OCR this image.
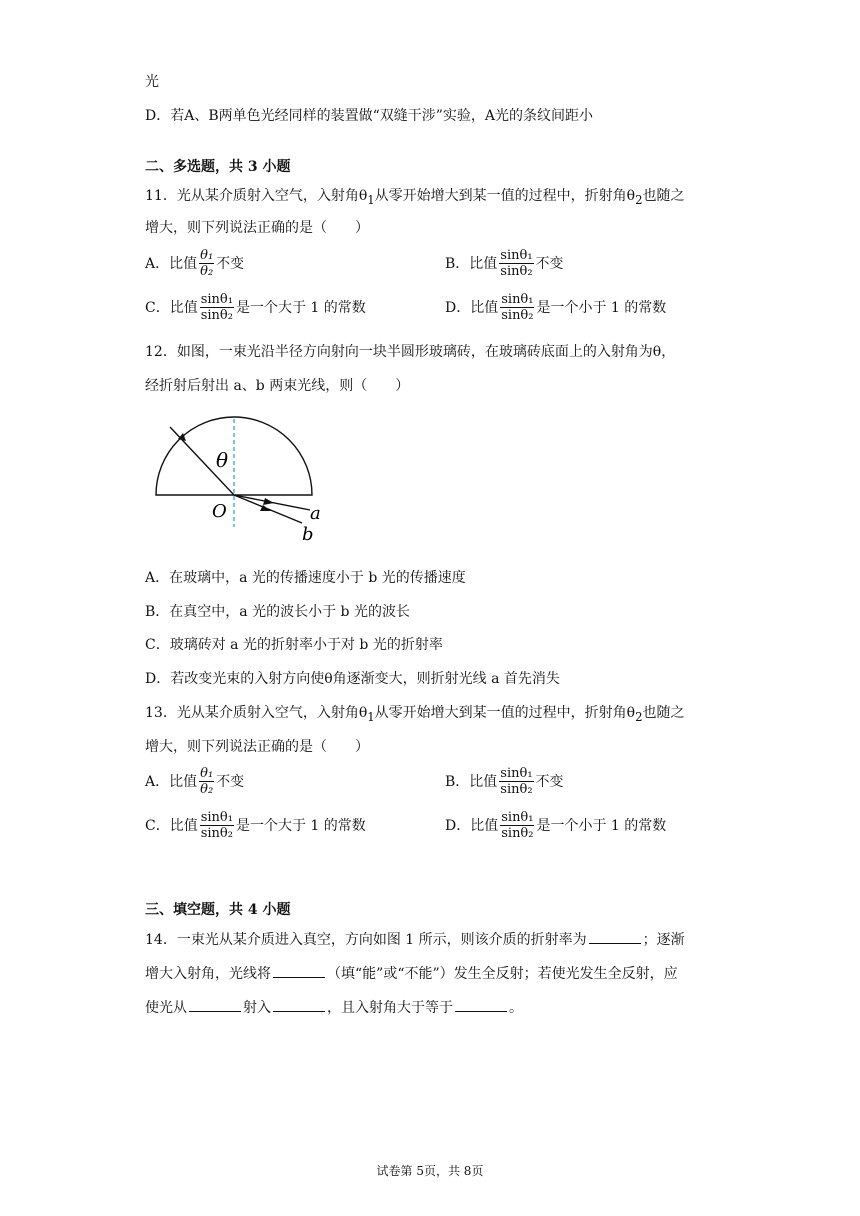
光
D．若A、B两单色光经同样的装置做“双缝干涉”实验，A光的条纹间距小
二、多选题，共 3 小题
11．光从某介质射入空气，入射角$\theta_1$从零开始增大到某一值的过程中，折射角$\theta_2$也随之
增大，则下列说法正确的是（　　）
A．比值 $\frac{\text{θ₁}}{\text{θ₂}}$ 不变	B．比值 $\frac{\text{sinθ₁}}{\text{sinθ₂}}$ 不变
C．比值 $\frac{\text{sinθ₁}}{\text{sinθ₂}}$ 是一个大于 1 的常数	D．比值 $\frac{\text{sinθ₁}}{\text{sinθ₂}}$ 是一个小于 1 的常数
12．如图，一束光沿半径方向射向一块半圆形玻璃砖，在玻璃砖底面上的入射角为θ，
经折射后射出 a、b 两束光线，则（　　）
θ
O	a
b
A．在玻璃中，a 光的传播速度小于 b 光的传播速度
B．在真空中，a 光的波长小于 b 光的波长
C．玻璃砖对 a 光的折射率小于对 b 光的折射率
D．若改变光束的入射方向使θ角逐渐变大，则折射光线 a 首先消失
13．光从某介质射入空气，入射角$\theta_1$从零开始增大到某一值的过程中，折射角$\theta_2$也随之
增大，则下列说法正确的是（　　）
A．比值 $\frac{\text{θ₁}}{\text{θ₂}}$ 不变	B．比值 $\frac{\text{sinθ₁}}{\text{sinθ₂}}$ 不变
C．比值 $\frac{\text{sinθ₁}}{\text{sinθ₂}}$ 是一个大于 1 的常数	D．比值 $\frac{\text{sinθ₁}}{\text{sinθ₂}}$ 是一个小于 1 的常数
三、填空题，共 4 小题
14．一束光从某介质进入真空，方向如图 1 所示，则该介质的折射率为	；逐渐
增大入射角，光线将	（填“能”或“不能”）发生全反射；若使光发生全反射，应
使光从	射入	，且入射角大于等于	。
试卷第 5页，共 8页
